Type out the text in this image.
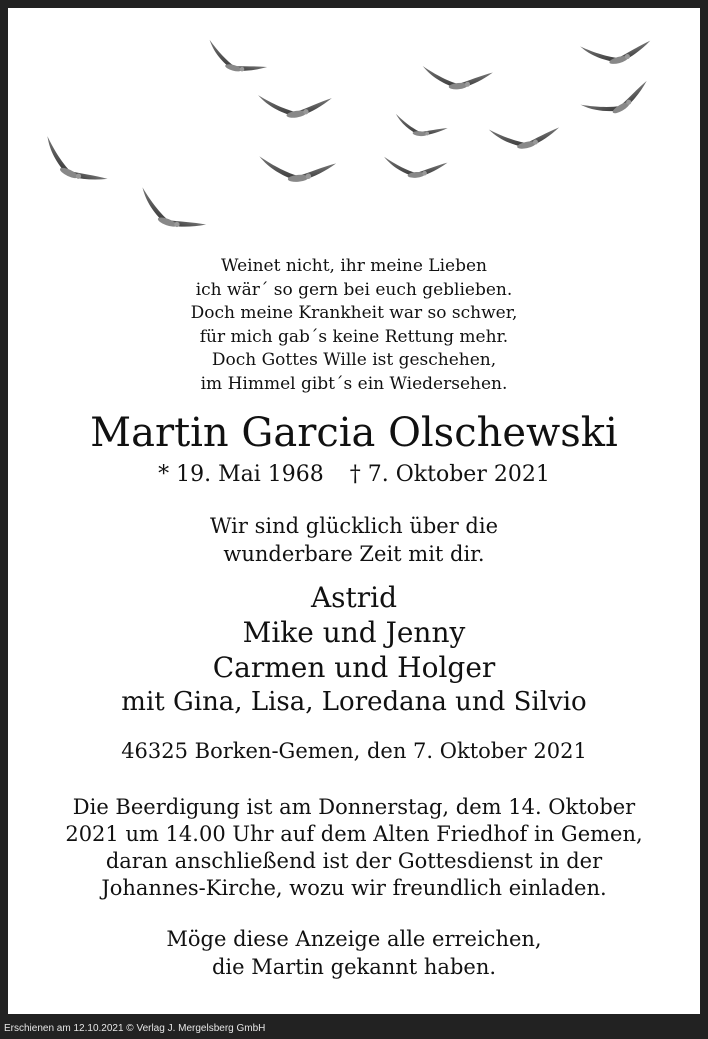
Weinet nicht, ihr meine Lieben
ich wär´ so gern bei euch geblieben.
Doch meine Krankheit war so schwer,
für mich gab´s keine Rettung mehr.
Doch Gottes Wille ist geschehen,
im Himmel gibt´s ein Wiedersehen.
Martin Garcia Olschewski
* 19. Mai 1968 † 7. Oktober 2021
Wir sind glücklich über die
wunderbare Zeit mit dir.
Astrid
Mike und Jenny
Carmen und Holger
mit Gina, Lisa, Loredana und Silvio
46325 Borken-Gemen, den 7. Oktober 2021
Die Beerdigung ist am Donnerstag, dem 14. Oktober
2021 um 14.00 Uhr auf dem Alten Friedhof in Gemen,
daran anschließend ist der Gottesdienst in der
Johannes-Kirche, wozu wir freundlich einladen.
Möge diese Anzeige alle erreichen,
die Martin gekannt haben.
Erschienen am 12.10.2021 © Verlag J. Mergelsberg GmbH
